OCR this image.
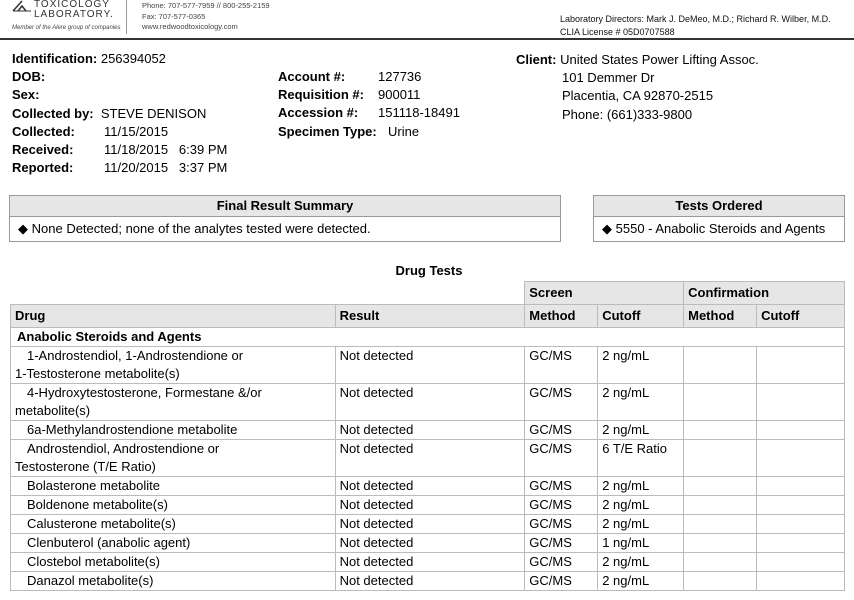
TOXICOLOGY
LABORATORY.
Member of the Alere group of companies
Phone: 707-577-7959 // 800-255-2159
Fax: 707-577-0365
www.redwoodtoxicology.com
Laboratory Directors: Mark J. DeMeo, M.D.; Richard R. Wilber, M.D.
CLIA License # 05D0707588
Identification: 256394052
DOB:
Sex:
Collected by: STEVE DENISON
Collected: 11/15/2015
Received: 11/18/2015   6:39 PM
Reported: 11/20/2015   3:37 PM
Account #:	127736
Requisition #: 900011
Accession #: 151118-18491
Specimen Type: Urine
Client: United States Power Lifting Assoc.
101 Demmer Dr
Placentia, CA 92870-2515
Phone: (661)333-9800
Final Result Summary
◆ None Detected; none of the analytes tested were detected.
Tests Ordered
◆ 5550 - Anabolic Steroids and Agents
Drug Tests
		Screen		Confirmation	
Drug	Result	Method	Cutoff	Method	Cutoff
Anabolic Steroids and Agents					

1-Androstendiol, 1-Androstendione or
1-Testosterone metabolite(s)	Not detected	GC/MS	2 ng/mL		

4-Hydroxytestosterone, Formestane &/or
metabolite(s)	Not detected	GC/MS	2 ng/mL		

6a-Methylandrostendione metabolite	Not detected	GC/MS	2 ng/mL		

Androstendiol, Androstendione or
Testosterone (T/E Ratio)	Not detected	GC/MS	6 T/E Ratio		

Bolasterone metabolite	Not detected	GC/MS	2 ng/mL		

Boldenone metabolite(s)	Not detected	GC/MS	2 ng/mL		

Calusterone metabolite(s)	Not detected	GC/MS	2 ng/mL		

Clenbuterol (anabolic agent)	Not detected	GC/MS	1 ng/mL		

Clostebol metabolite(s)	Not detected	GC/MS	2 ng/mL		

Danazol metabolite(s)	Not detected	GC/MS	2 ng/mL		
